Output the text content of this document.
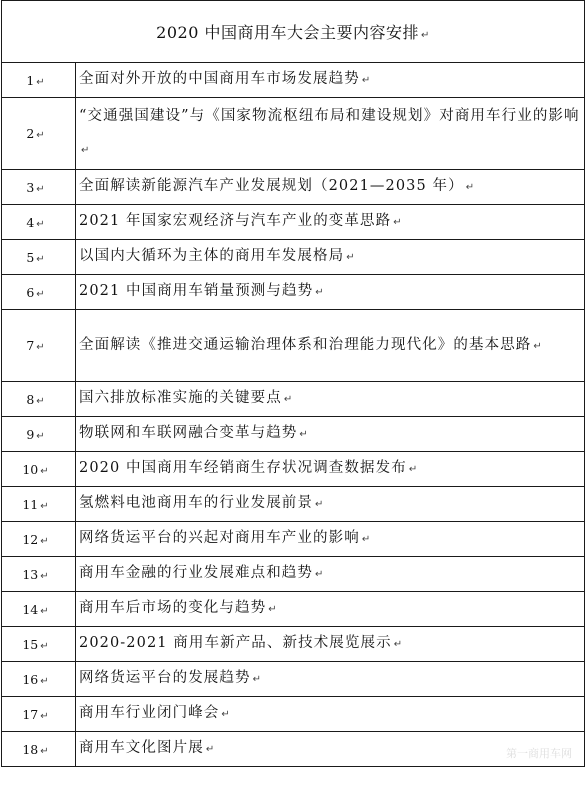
2020 中国商用车大会主要内容安排 ↵	
1 ↵	全面对外开放的中国商用车市场发展趋势 ↵
2 ↵	“交通强国建设”与《国家物流枢纽布局和建设规划》对商用车行业的影响↵
3 ↵	全面解读新能源汽车产业发展规划（2021—2035 年） ↵
4 ↵	2021 年国家宏观经济与汽车产业的变革思路 ↵
5 ↵	以国内大循环为主体的商用车发展格局 ↵
6 ↵	2021 中国商用车销量预测与趋势 ↵
7 ↵	全面解读《推进交通运输治理体系和治理能力现代化》的基本思路 ↵
8 ↵	国六排放标准实施的关键要点 ↵
9 ↵	物联网和车联网融合变革与趋势 ↵
10 ↵	2020 中国商用车经销商生存状况调查数据发布 ↵
11 ↵	氢燃料电池商用车的行业发展前景 ↵
12 ↵	网络货运平台的兴起对商用车产业的影响 ↵
13 ↵	商用车金融的行业发展难点和趋势 ↵
14 ↵	商用车后市场的变化与趋势 ↵
15 ↵	2020-2021 商用车新产品、新技术展览展示 ↵
16 ↵	网络货运平台的发展趋势 ↵
17 ↵	商用车行业闭门峰会 ↵
18 ↵	商用车文化图片展 ↵	第一商用车网
